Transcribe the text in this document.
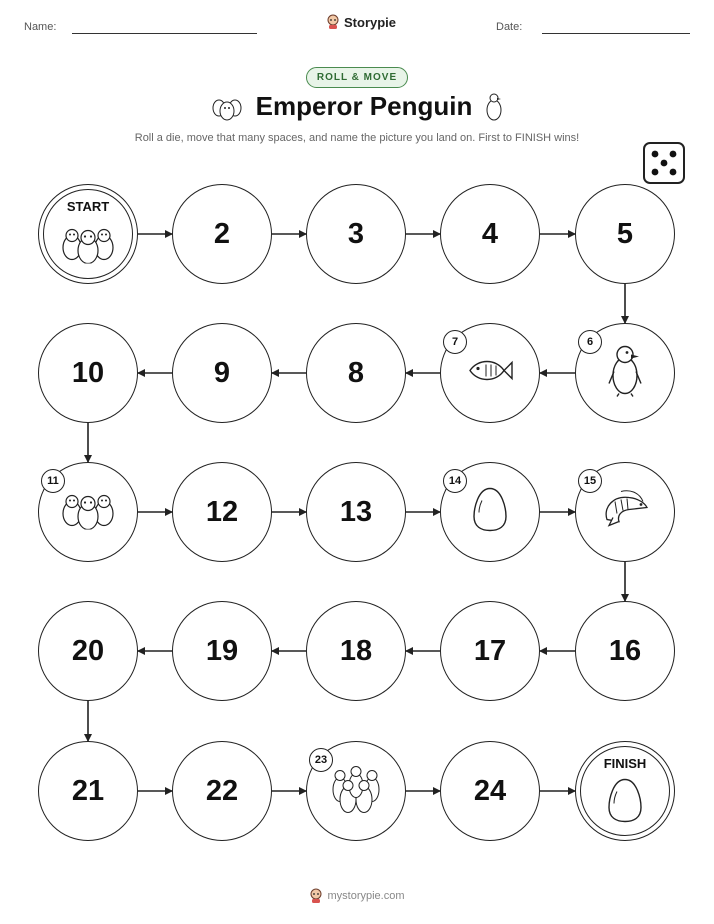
Name:	Storypie	Date:
ROLL & MOVE
Emperor Penguin
Roll a die, move that many spaces, and name the picture you land on. First to FINISH wins!
START
2	3	4	5
6
7
8
9
10
11
12	13
14	15
16
17
18
19
20
21	22
23
24
FINISH
mystorypie.com
